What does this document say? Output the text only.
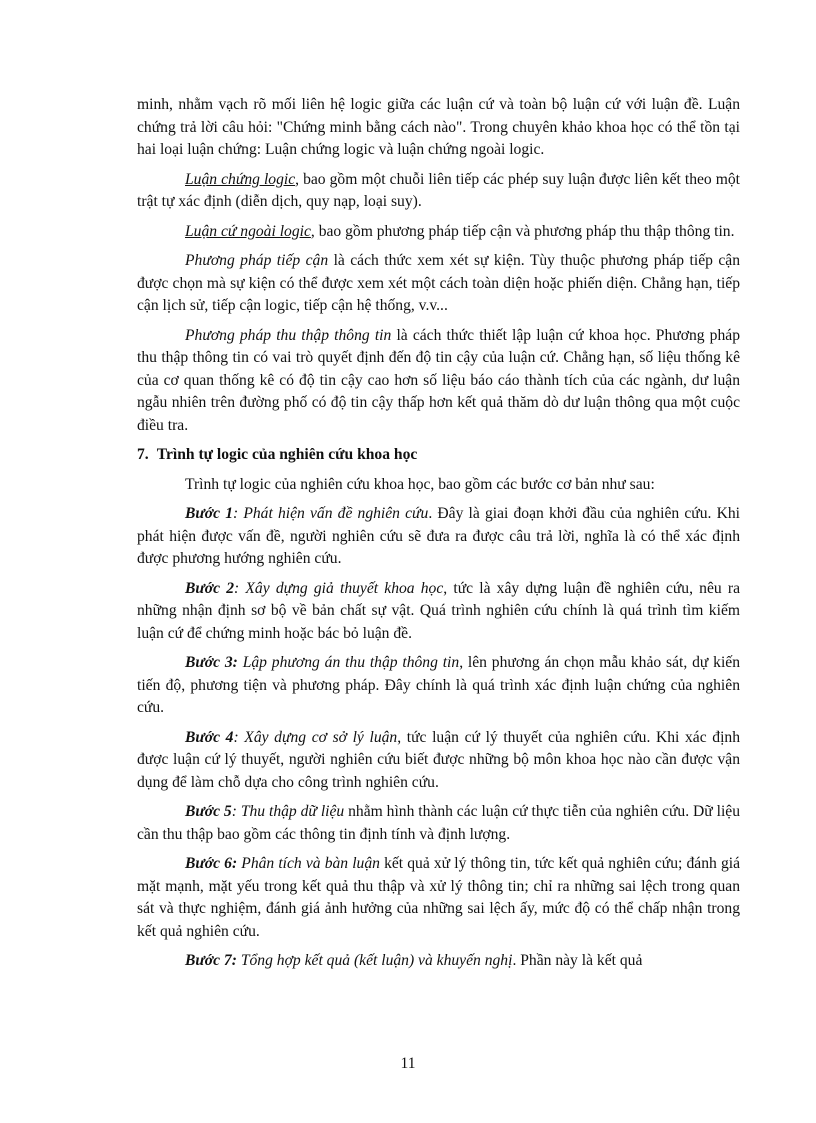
minh, nhằm vạch rõ mối liên hệ logic giữa các luận cứ và toàn bộ luận cứ với luận đề. Luận chứng trả lời câu hỏi: "Chứng minh bằng cách nào". Trong chuyên khảo khoa học có thể tồn tại hai loại luận chứng: Luận chứng logic và luận chứng ngoài logic.

Luận chứng logic, bao gồm một chuỗi liên tiếp các phép suy luận được liên kết theo một trật tự xác định (diễn dịch, quy nạp, loại suy).

Luận cứ ngoài logic, bao gồm phương pháp tiếp cận và phương pháp thu thập thông tin.

Phương pháp tiếp cận là cách thức xem xét sự kiện. Tùy thuộc phương pháp tiếp cận được chọn mà sự kiện có thể được xem xét một cách toàn diện hoặc phiến diện. Chẳng hạn, tiếp cận lịch sử, tiếp cận logic, tiếp cận hệ thống, v.v...

Phương pháp thu thập thông tin là cách thức thiết lập luận cứ khoa học. Phương pháp thu thập thông tin có vai trò quyết định đến độ tin cậy của luận cứ. Chẳng hạn, số liệu thống kê của cơ quan thống kê có độ tin cậy cao hơn số liệu báo cáo thành tích của các ngành, dư luận ngẫu nhiên trên đường phố có độ tin cậy thấp hơn kết quả thăm dò dư luận thông qua một cuộc điều tra.

7. Trình tự logic của nghiên cứu khoa học

Trình tự logic của nghiên cứu khoa học, bao gồm các bước cơ bản như sau:

Bước 1: Phát hiện vấn đề nghiên cứu. Đây là giai đoạn khởi đầu của nghiên cứu. Khi phát hiện được vấn đề, người nghiên cứu sẽ đưa ra được câu trả lời, nghĩa là có thể xác định được phương hướng nghiên cứu.

Bước 2: Xây dựng giả thuyết khoa học, tức là xây dựng luận đề nghiên cứu, nêu ra những nhận định sơ bộ về bản chất sự vật. Quá trình nghiên cứu chính là quá trình tìm kiếm luận cứ để chứng minh hoặc bác bỏ luận đề.

Bước 3: Lập phương án thu thập thông tin, lên phương án chọn mẫu khảo sát, dự kiến tiến độ, phương tiện và phương pháp. Đây chính là quá trình xác định luận chứng của nghiên cứu.

Bước 4: Xây dựng cơ sở lý luận, tức luận cứ lý thuyết của nghiên cứu. Khi xác định được luận cứ lý thuyết, người nghiên cứu biết được những bộ môn khoa học nào cần được vận dụng để làm chỗ dựa cho công trình nghiên cứu.

Bước 5: Thu thập dữ liệu nhằm hình thành các luận cứ thực tiễn của nghiên cứu. Dữ liệu cần thu thập bao gồm các thông tin định tính và định lượng.

Bước 6: Phân tích và bàn luận kết quả xử lý thông tin, tức kết quả nghiên cứu; đánh giá mặt mạnh, mặt yếu trong kết quả thu thập và xử lý thông tin; chỉ ra những sai lệch trong quan sát và thực nghiệm, đánh giá ảnh hưởng của những sai lệch ấy, mức độ có thể chấp nhận trong kết quả nghiên cứu.

Bước 7: Tổng hợp kết quả (kết luận) và khuyến nghị. Phần này là kết quả

11
